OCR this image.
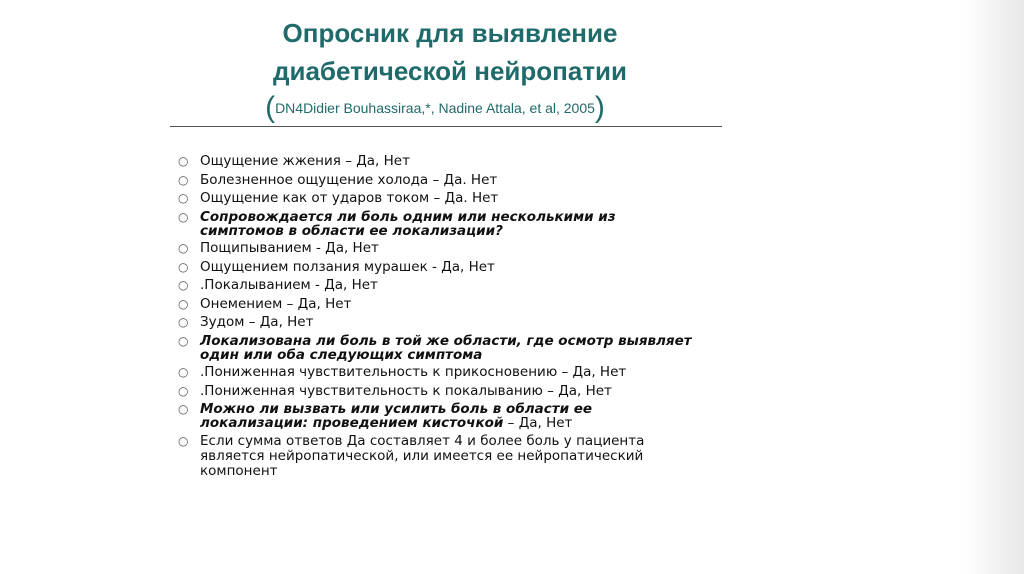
Опросник для выявление
диабетической нейропатии
(DN4Didier Bouhassiraa,*, Nadine Attala, et al, 2005)
○ Ощущение жжения – Да, Нет
○ Болезненное ощущение холода – Да. Нет
○ Ощущение как от ударов током – Да. Нет
○ Сопровождается ли боль одним или несколькими из
симптомов в области ее локализации?
○ Пощипыванием - Да, Нет
○ Ощущением ползания мурашек - Да, Нет
○ .Покалыванием - Да, Нет
○ Онемением – Да, Нет
○ Зудом – Да, Нет
○ Локализована ли боль в той же области, где осмотр выявляет
один или оба следующих симптома
○ .Пониженная чувствительность к прикосновению – Да, Нет
○ .Пониженная чувствительность к покалыванию – Да, Нет
○ Можно ли вызвать или усилить боль в области ее
локализации: проведением кисточкой – Да, Нет
○ Если сумма ответов Да составляет 4 и более боль у пациента
является нейропатической, или имеется ее нейропатический
компонент
